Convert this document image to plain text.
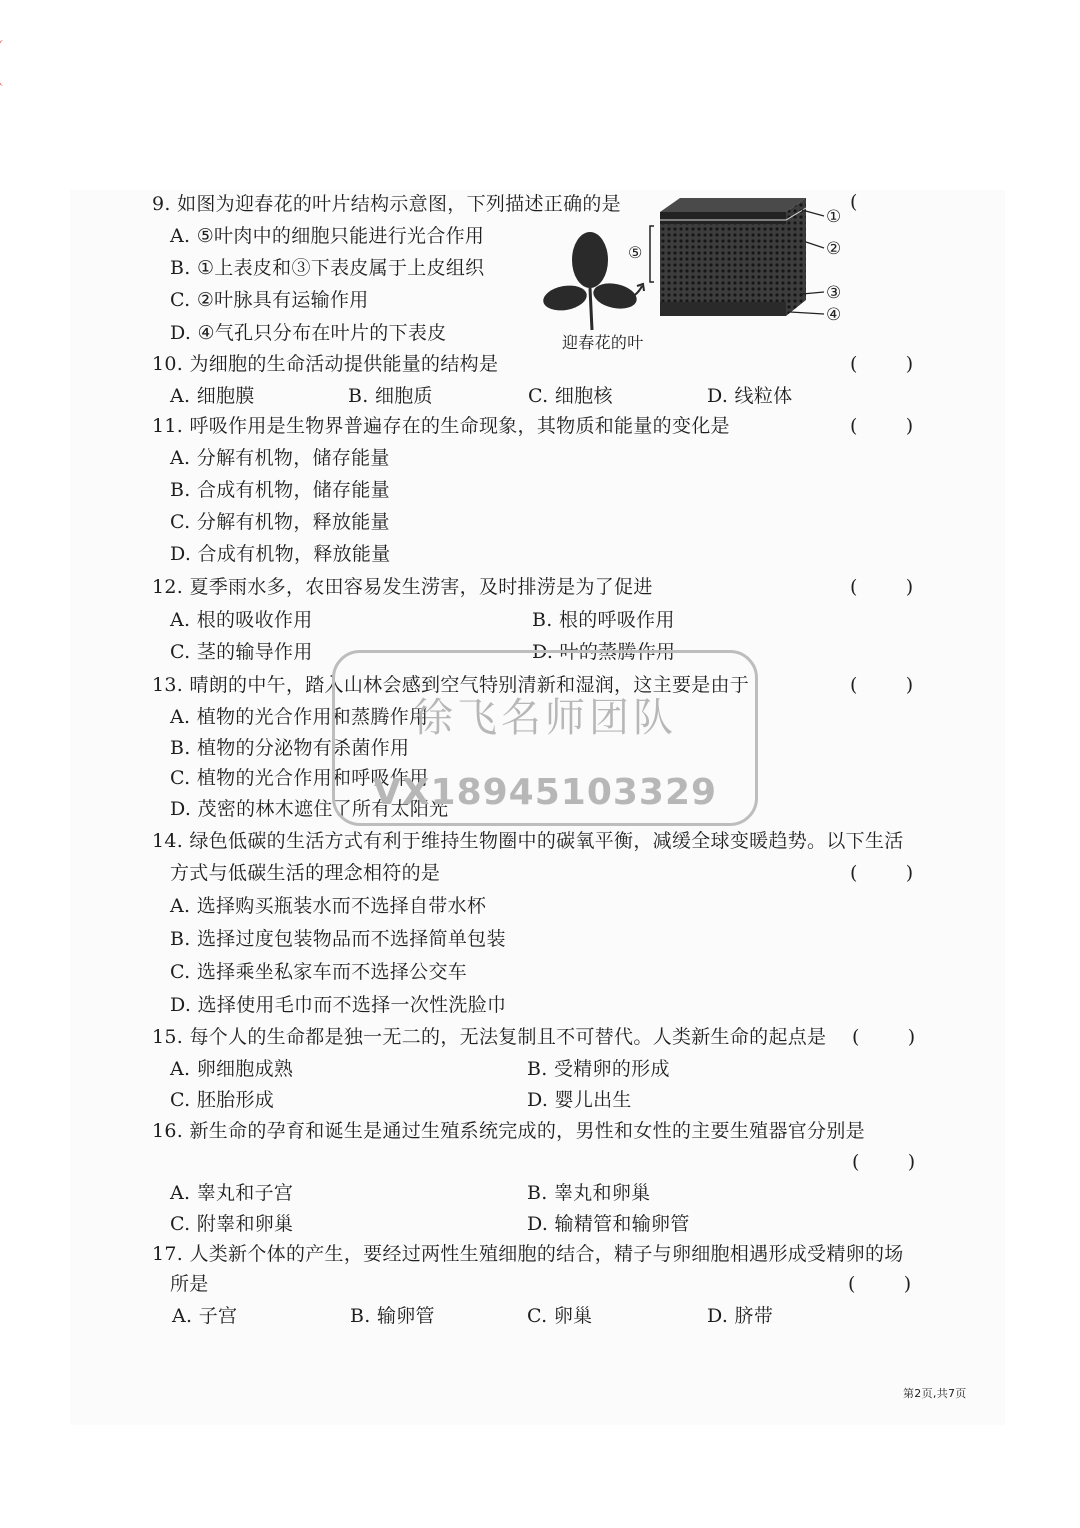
9. 如图为迎春花的叶片结构示意图，下列描述正确的是	(
A. ⑤叶肉中的细胞只能进行光合作用
B. ①上表皮和③下表皮属于上皮组织
C. ②叶脉具有运输作用
D. ④气孔只分布在叶片的下表皮
⑤
①
②
③
④
迎春花的叶
10. 为细胞的生命活动提供能量的结构是	(        )
A. 细胞膜	B. 细胞质	C. 细胞核	D. 线粒体
11. 呼吸作用是生物界普遍存在的生命现象，其物质和能量的变化是	(        )
A. 分解有机物，储存能量
B. 合成有机物，储存能量
C. 分解有机物，释放能量
D. 合成有机物，释放能量
12. 夏季雨水多，农田容易发生涝害，及时排涝是为了促进	(        )
A. 根的吸收作用	B. 根的呼吸作用
C. 茎的输导作用	D. 叶的蒸腾作用
13. 晴朗的中午，踏入山林会感到空气特别清新和湿润，这主要是由于	(        )
A. 植物的光合作用和蒸腾作用
B. 植物的分泌物有杀菌作用
C. 植物的光合作用和呼吸作用
D. 茂密的林木遮住了所有太阳光
14. 绿色低碳的生活方式有利于维持生物圈中的碳氧平衡，减缓全球变暖趋势。以下生活
方式与低碳生活的理念相符的是	(        )
A. 选择购买瓶装水而不选择自带水杯
B. 选择过度包装物品而不选择简单包装
C. 选择乘坐私家车而不选择公交车
D. 选择使用毛巾而不选择一次性洗脸巾
15. 每个人的生命都是独一无二的，无法复制且不可替代。人类新生命的起点是 (        )
A. 卵细胞成熟	B. 受精卵的形成
C. 胚胎形成	D. 婴儿出生
16. 新生命的孕育和诞生是通过生殖系统完成的，男性和女性的主要生殖器官分别是
(        )
A. 睾丸和子宫	B. 睾丸和卵巢
C. 附睾和卵巢	D. 输精管和输卵管
17. 人类新个体的产生，要经过两性生殖细胞的结合，精子与卵细胞相遇形成受精卵的场
所是	(        )
A. 子宫	B. 输卵管	C. 卵巢	D. 脐带
第2页,共7页
徐飞名师团队
VX18945103329
